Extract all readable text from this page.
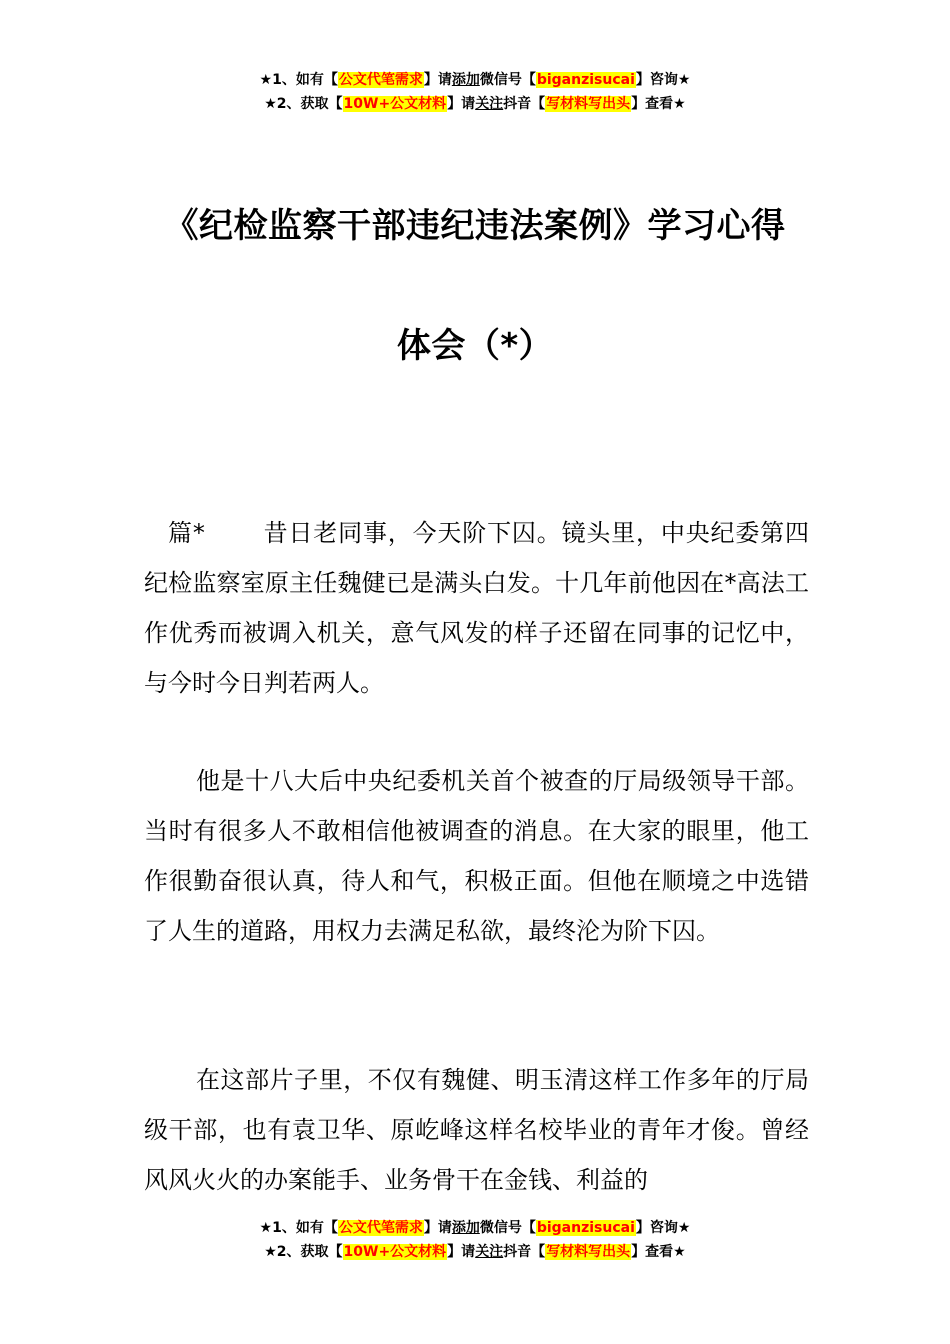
★1、如有【公文代笔需求】请添加微信号【biganzisucai】咨询★
★2、获取【10W+公文材料】请关注抖音【写材料写出头】查看★
《纪检监察干部违纪违法案例》学习心得
体会（*）
篇* 昔日老同事，今天阶下囚。镜头里，中央纪委第四纪检监察室原主任魏健已是满头白发。十几年前他因在*高法工作优秀而被调入机关，意气风发的样子还留在同事的记忆中，与今时今日判若两人。
他是十八大后中央纪委机关首个被查的厅局级领导干部。当时有很多人不敢相信他被调查的消息。在大家的眼里，他工作很勤奋很认真，待人和气，积极正面。但他在顺境之中选错了人生的道路，用权力去满足私欲，最终沦为阶下囚。
在这部片子里，不仅有魏健、明玉清这样工作多年的厅局级干部，也有袁卫华、原屹峰这样名校毕业的青年才俊。曾经风风火火的办案能手、业务骨干在金钱、利益的
★1、如有【公文代笔需求】请添加微信号【biganzisucai】咨询★
★2、获取【10W+公文材料】请关注抖音【写材料写出头】查看★
